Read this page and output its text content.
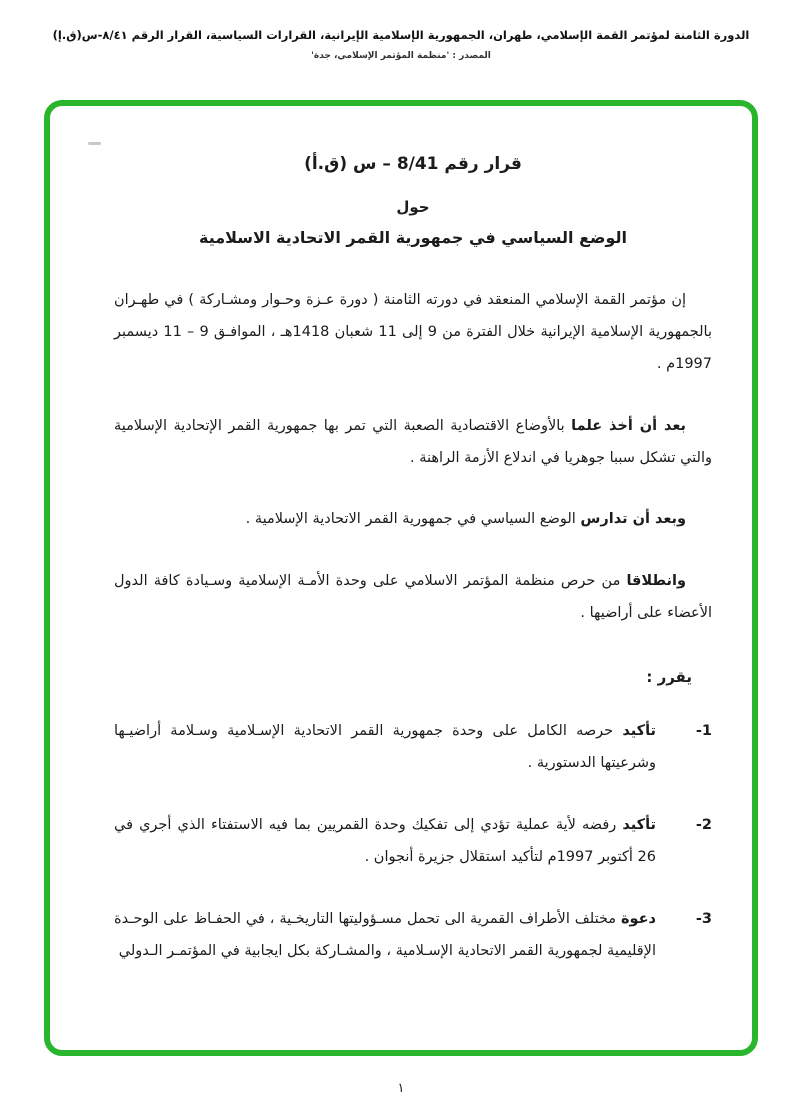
الدورة الثامنة لمؤتمر القمة الإسلامي، طهران، الجمهورية الإسلامية الإيرانية، القرارات السياسية، القرار الرقم ٨/٤١-س(ق.إ)
المصدر : 'منظمة المؤتمر الإسلامي، جدة'
قرار رقم 8/41 – س (ق.أ)
حول
الوضع السياسي في جمهورية القمر الاتحادية الاسلامية

إن مؤتمر القمة الإسلامي المنعقد في دورته الثامنة ( دورة عـزة وحـوار ومشـاركة ) في طهـران بالجمهورية الإسلامية الإيرانية خلال الفترة من 9 إلى 11 شعبان 1418هـ ، الموافـق 9 – 11 ديسمبر 1997م .

بعد أن أخذ علما بالأوضاع الاقتصادية الصعبة التي تمر بها جمهورية القمر الإتحادية الإسلامية والتي تشكل سببا جوهريا في اندلاع الأزمة الراهنة .

وبعد أن تدارس الوضع السياسي في جمهورية القمر الاتحادية الإسلامية .

وانطلاقا من حرص منظمة المؤتمر الاسلامي على وحدة الأمـة الإسلامية وسـيادة كافة الدول الأعضاء على أراضيها .

يقرر :

1-
تأكيد حرصه الكامل على وحدة جمهورية القمر الاتحادية الإسـلامية وسـلامة أراضيـها وشرعيتها الدستورية .
2-
تأكيد رفضه لأية عملية تؤدي إلى تفكيك وحدة القمريين بما فيه الاستفتاء الذي أجري في 26 أكتوبر 1997م لتأكيد استقلال جزيرة أنجوان .
3-
دعوة مختلف الأطراف القمرية الى تحمل مسـؤوليتها التاريخـية ، في الحفـاظ على الوحـدة الإقليمية لجمهورية القمر الاتحادية الإسـلامية ، والمشـاركة بكل ايجابية في المؤتمـر الـدولي
١
